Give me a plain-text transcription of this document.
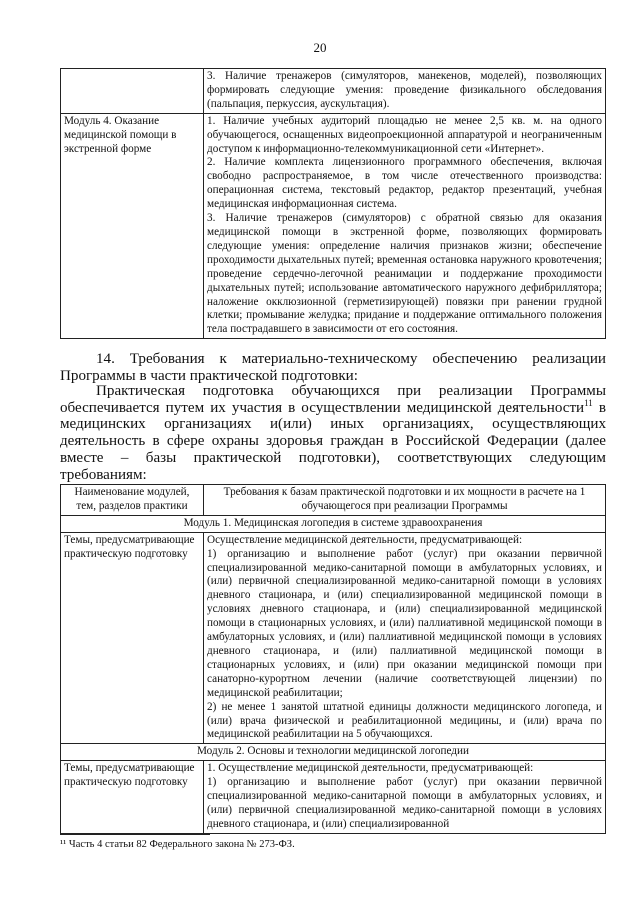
20

	3. Наличие тренажеров (симуляторов, манекенов, моделей), позволяющих формировать следующие умения: проведение физикального обследования (пальпация, перкуссия, аускультация).

Модуль 4. Оказание медицинской помощи в экстренной форме	1. Наличие учебных аудиторий площадью не менее 2,5 кв. м. на одного обучающегося, оснащенных видеопроекционной аппаратурой и неограниченным доступом к информационно-телекоммуникационной сети «Интернет».

2. Наличие комплекта лицензионного программного обеспечения, включая свободно распространяемое, в том числе отечественного производства: операционная система, текстовый редактор, редактор презентаций, учебная медицинская информационная система.

3. Наличие тренажеров (симуляторов) с обратной связью для оказания медицинской помощи в экстренной форме, позволяющих формировать следующие умения: определение наличия признаков жизни; обеспечение проходимости дыхательных путей; временная остановка наружного кровотечения; проведение сердечно-легочной реанимации и поддержание проходимости дыхательных путей; использование автоматического наружного дефибриллятора; наложение окклюзионной (герметизирующей) повязки при ранении грудной клетки; промывание желудка; придание и поддержание оптимального положения тела пострадавшего в зависимости от его состояния.

14. Требования к материально-техническому обеспечению реализации Программы в части практической подготовки:

Практическая подготовка обучающихся при реализации Программы обеспечивается путем их участия в осуществлении медицинской деятельности$^{11}$ в медицинских организациях и(или) иных организациях, осуществляющих деятельность в сфере охраны здоровья граждан в Российской Федерации (далее вместе – базы практической подготовки), соответствующих следующим требованиям:

Наименование модулей, тем, разделов практики	Требования к базам практической подготовки и их мощности в расчете на 1 обучающегося при реализации Программы
Модуль 1. Медицинская логопедия в системе здравоохранения	
Темы, предусматривающие практическую подготовку	Осуществление медицинской деятельности, предусматривающей:

1) организацию и выполнение работ (услуг) при оказании первичной специализированной медико-санитарной помощи в амбулаторных условиях, и (или) первичной специализированной медико-санитарной помощи в условиях дневного стационара, и (или) специализированной медицинской помощи в условиях дневного стационара, и (или) специализированной медицинской помощи в стационарных условиях, и (или) паллиативной медицинской помощи в амбулаторных условиях, и (или) паллиативной медицинской помощи в условиях дневного стационара, и (или) паллиативной медицинской помощи в стационарных условиях, и (или) при оказании медицинской помощи при санаторно-курортном лечении (наличие соответствующей лицензии) по медицинской реабилитации;

2) не менее 1 занятой штатной единицы должности медицинского логопеда, и (или) врача физической и реабилитационной медицины, и (или) врача по медицинской реабилитации на 5 обучающихся.

Модуль 2. Основы и технологии медицинской логопедии	
Темы, предусматривающие практическую подготовку	1. Осуществление медицинской деятельности, предусматривающей:

1) организацию и выполнение работ (услуг) при оказании первичной специализированной медико-санитарной помощи в амбулаторных условиях, и (или) первичной специализированной медико-санитарной помощи в условиях дневного стационара, и (или) специализированной

¹¹ Часть 4 статьи 82 Федерального закона № 273-ФЗ.
